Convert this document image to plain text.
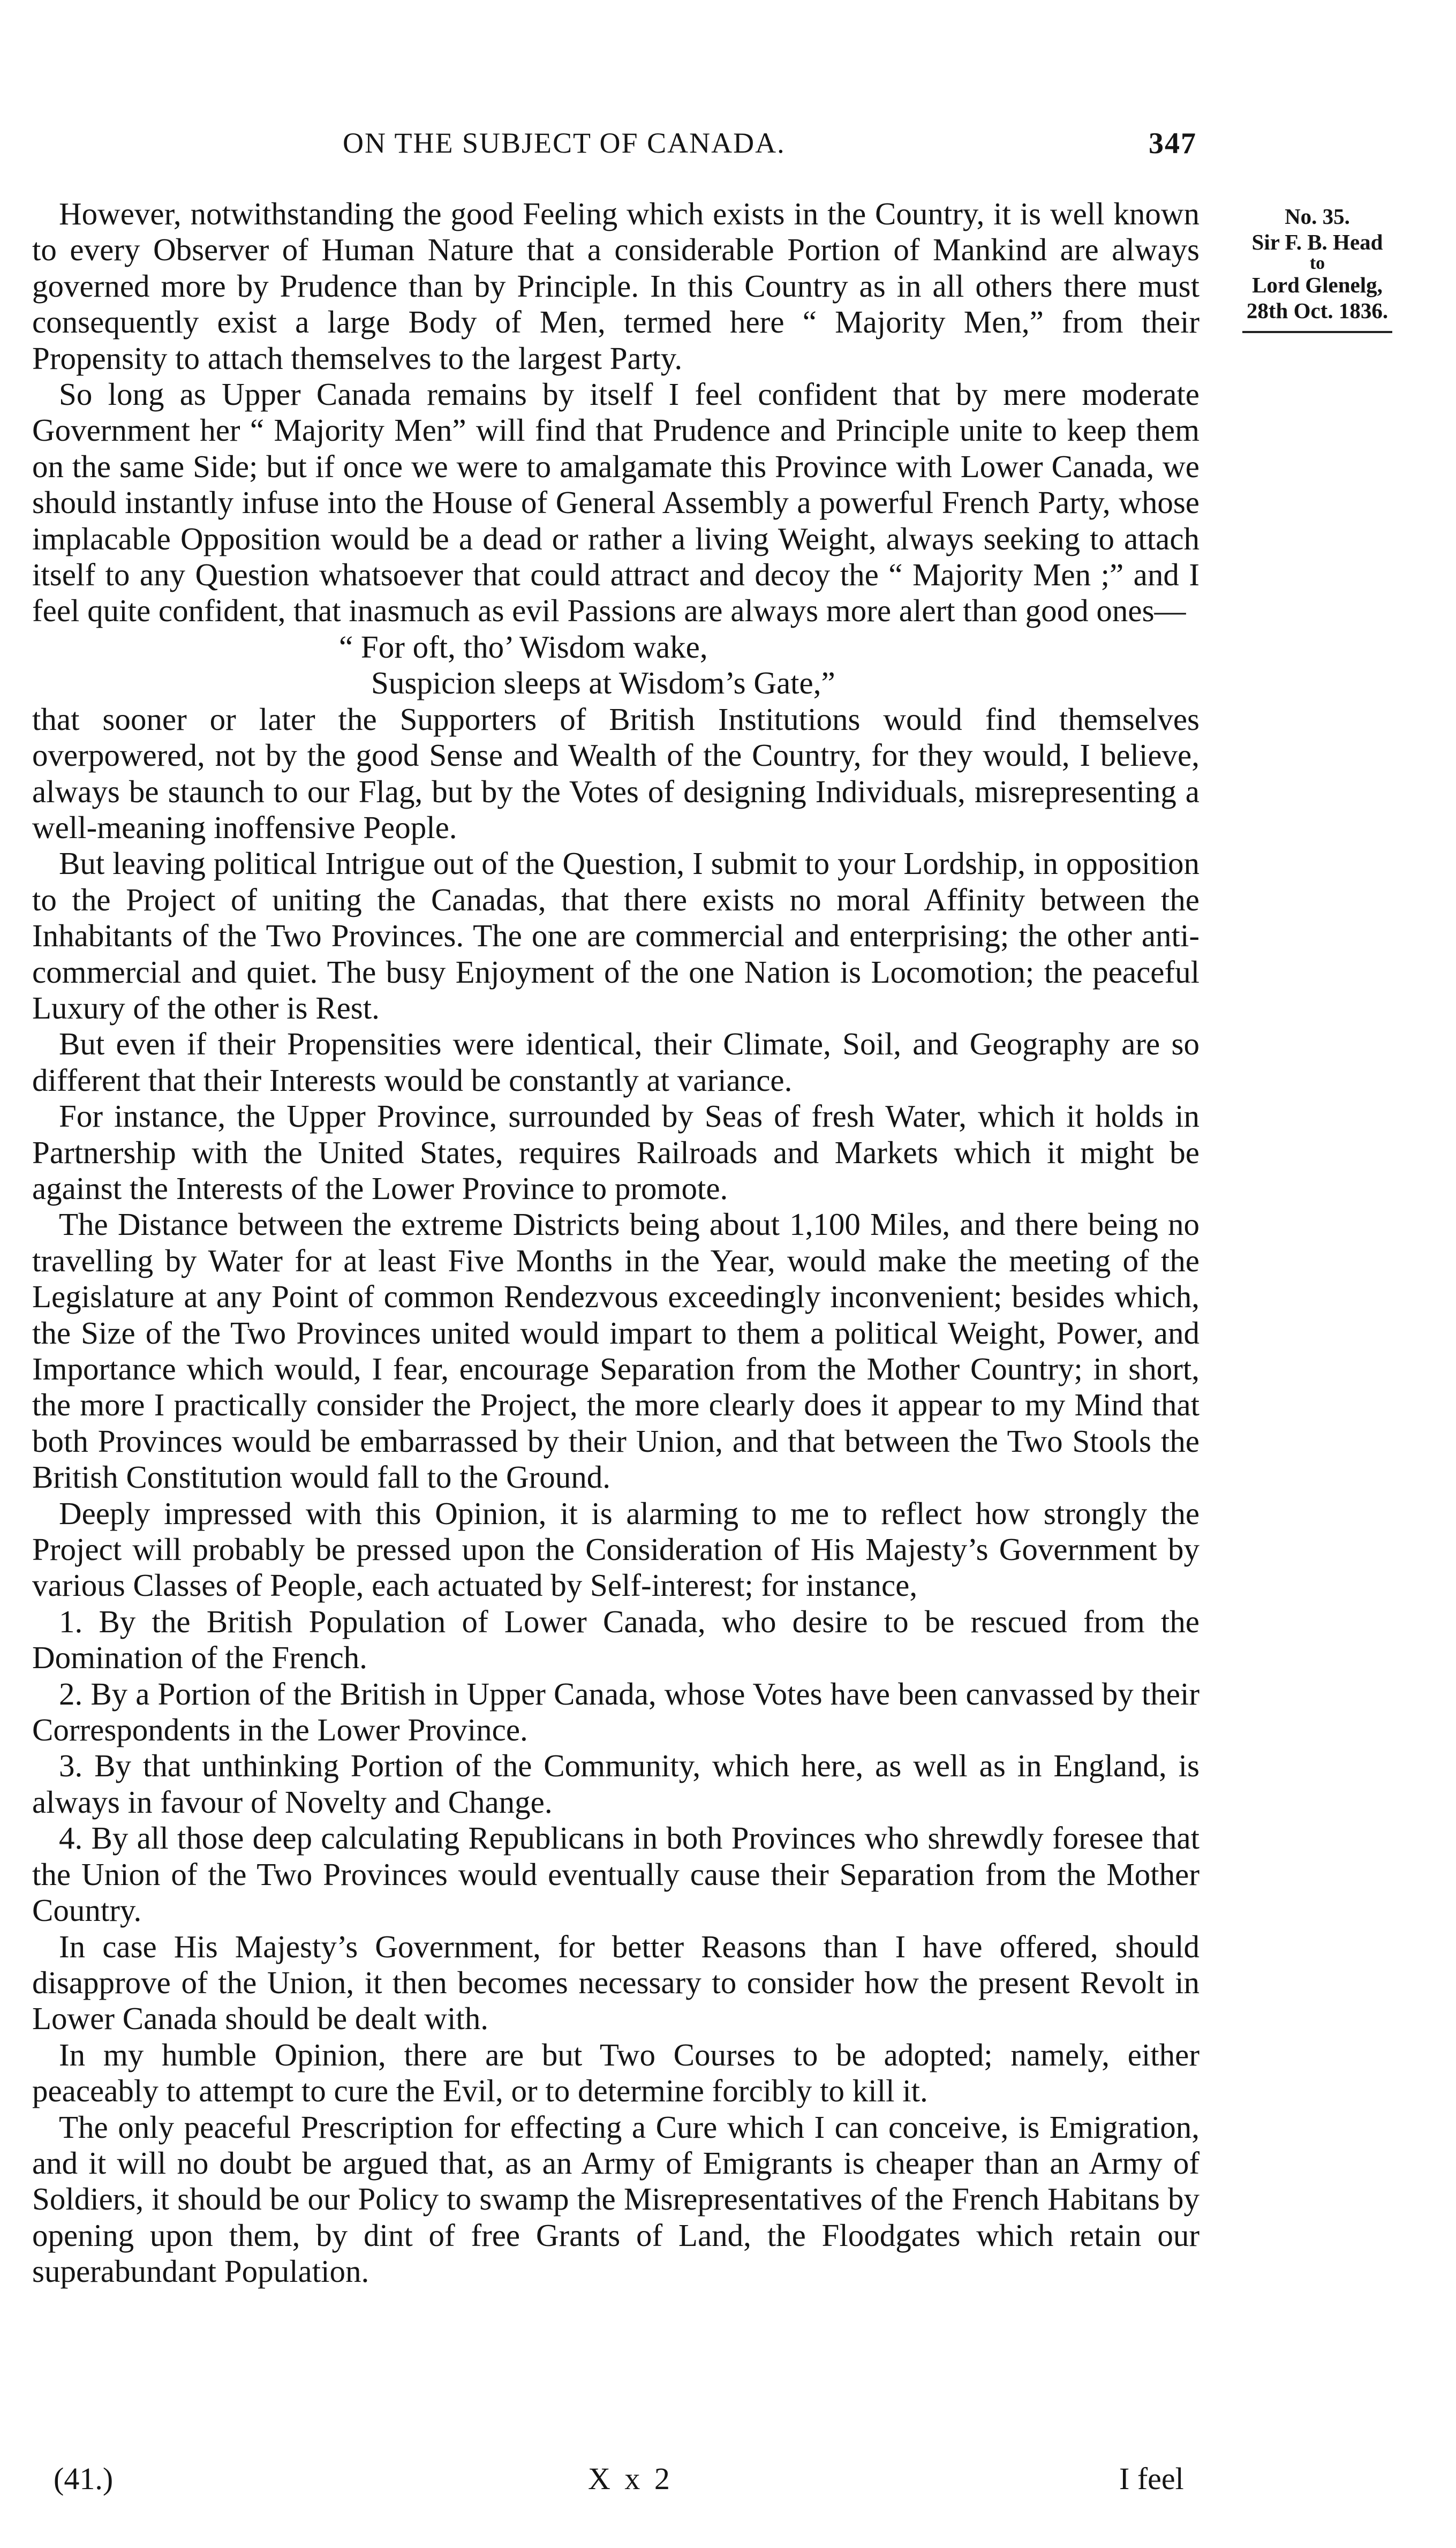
ON THE SUBJECT OF CANADA.	347
No. 35.
Sir F. B. Head
to
Lord Glenelg,
28th Oct. 1836.

However, notwithstanding the good Feeling which exists in the Country, it is well known to every Observer of Human Nature that a considerable Portion of Mankind are always governed more by Prudence than by Principle. In this Country as in all others there must consequently exist a large Body of Men, termed here “ Majority Men,” from their Propensity to attach themselves to the largest Party.

So long as Upper Canada remains by itself I feel confident that by mere moderate Government her “ Majority Men” will find that Prudence and Principle unite to keep them on the same Side; but if once we were to amalgamate this Province with Lower Canada, we should instantly infuse into the House of General Assembly a powerful French Party, whose implacable Opposition would be a dead or rather a living Weight, always seeking to attach itself to any Question whatsoever that could attract and decoy the “ Majority Men ;” and I feel quite confident, that inasmuch as evil Passions are always more alert than good ones—

“ For oft, tho’ Wisdom wake,
Suspicion sleeps at Wisdom’s Gate,”

that sooner or later the Supporters of British Institutions would find themselves overpowered, not by the good Sense and Wealth of the Country, for they would, I believe, always be staunch to our Flag, but by the Votes of designing Individuals, misrepresenting a well-meaning inoffensive People.

But leaving political Intrigue out of the Question, I submit to your Lordship, in opposition to the Project of uniting the Canadas, that there exists no moral Affinity between the Inhabitants of the Two Provinces. The one are commercial and enterprising; the other anti-commercial and quiet. The busy Enjoyment of the one Nation is Locomotion; the peaceful Luxury of the other is Rest.

But even if their Propensities were identical, their Climate, Soil, and Geography are so different that their Interests would be constantly at variance.

For instance, the Upper Province, surrounded by Seas of fresh Water, which it holds in Partnership with the United States, requires Railroads and Markets which it might be against the Interests of the Lower Province to promote.

The Distance between the extreme Districts being about 1,100 Miles, and there being no travelling by Water for at least Five Months in the Year, would make the meeting of the Legislature at any Point of common Rendezvous exceedingly inconvenient; besides which, the Size of the Two Provinces united would impart to them a political Weight, Power, and Importance which would, I fear, encourage Separation from the Mother Country; in short, the more I practically consider the Project, the more clearly does it appear to my Mind that both Provinces would be embarrassed by their Union, and that between the Two Stools the British Constitution would fall to the Ground.

Deeply impressed with this Opinion, it is alarming to me to reflect how strongly the Project will probably be pressed upon the Consideration of His Majesty’s Government by various Classes of People, each actuated by Self-interest; for instance,

1. By the British Population of Lower Canada, who desire to be rescued from the Domination of the French.

2. By a Portion of the British in Upper Canada, whose Votes have been canvassed by their Correspondents in the Lower Province.

3. By that unthinking Portion of the Community, which here, as well as in England, is always in favour of Novelty and Change.

4. By all those deep calculating Republicans in both Provinces who shrewdly foresee that the Union of the Two Provinces would eventually cause their Separation from the Mother Country.

In case His Majesty’s Government, for better Reasons than I have offered, should disapprove of the Union, it then becomes necessary to consider how the present Revolt in Lower Canada should be dealt with.

In my humble Opinion, there are but Two Courses to be adopted; namely, either peaceably to attempt to cure the Evil, or to determine forcibly to kill it.

The only peaceful Prescription for effecting a Cure which I can conceive, is Emigration, and it will no doubt be argued that, as an Army of Emigrants is cheaper than an Army of Soldiers, it should be our Policy to swamp the Misrepresentatives of the French Habitans by opening upon them, by dint of free Grants of Land, the Floodgates which retain our superabundant Population.

(41.)	X x 2	I feel
